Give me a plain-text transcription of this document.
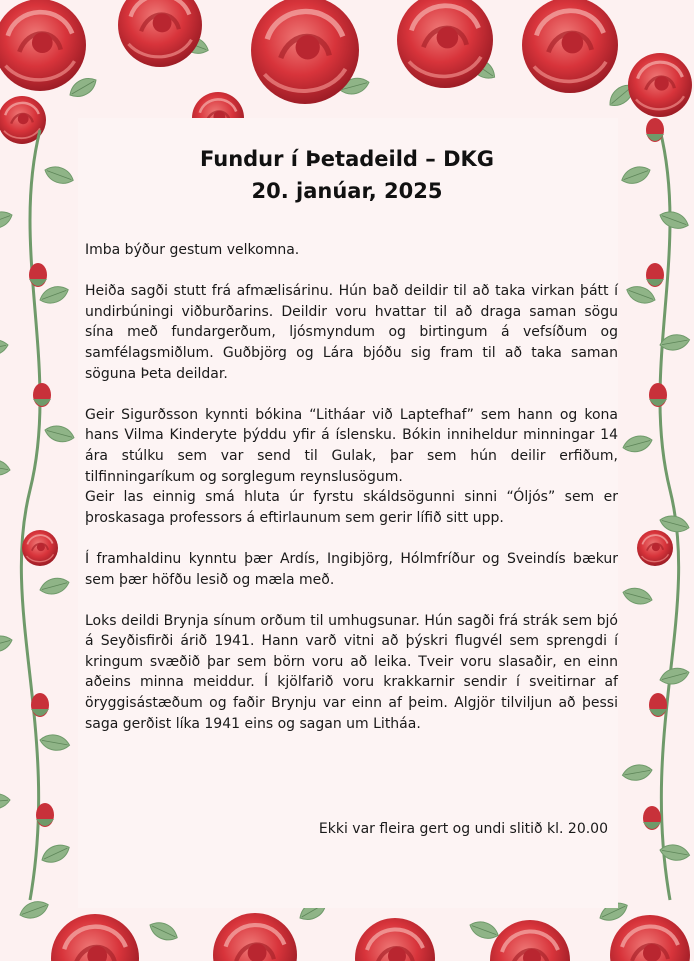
Fundur í Þetadeild – DKG
20. janúar, 2025

Imba býður gestum velkomna.

Heiða sagði stutt frá afmælisárinu. Hún bað deildir til að taka virkan þátt í undirbúningi viðburðarins. Deildir voru hvattar til að draga saman sögu sína með fundargerðum, ljósmyndum og birtingum á vefsíðum og samfélagsmiðlum. Guðbjörg og Lára bjóðu sig fram til að taka saman söguna Þeta deildar.

Geir Sigurðsson kynnti bókina “Litháar við Laptefhaf” sem hann og kona hans Vilma Kinderyte þýddu yfir á íslensku. Bókin inniheldur minningar 14 ára stúlku sem var send til Gulak, þar sem hún deilir erfiðum, tilfinningaríkum og sorglegum reynslusögum.

Geir las einnig smá hluta úr fyrstu skáldsögunni sinni “Óljós” sem er þroskasaga professors á eftirlaunum sem gerir lífið sitt upp.

Í framhaldinu kynntu þær Ardís, Ingibjörg, Hólmfríður og Sveindís bækur sem þær höfðu lesið og mæla með.

Loks deildi Brynja sínum orðum til umhugsunar. Hún sagði frá strák sem bjó á Seyðisfirði árið 1941. Hann varð vitni að þýskri flugvél sem sprengdi í kringum svæðið þar sem börn voru að leika. Tveir voru slasaðir, en einn aðeins minna meiddur. Í kjölfarið voru krakkarnir sendir í sveitirnar af öryggisástæðum og faðir Brynju var einn af þeim. Algjör tilviljun að þessi saga gerðist líka 1941 eins og sagan um Litháa.

Ekki var fleira gert og undi slitið kl. 20.00
